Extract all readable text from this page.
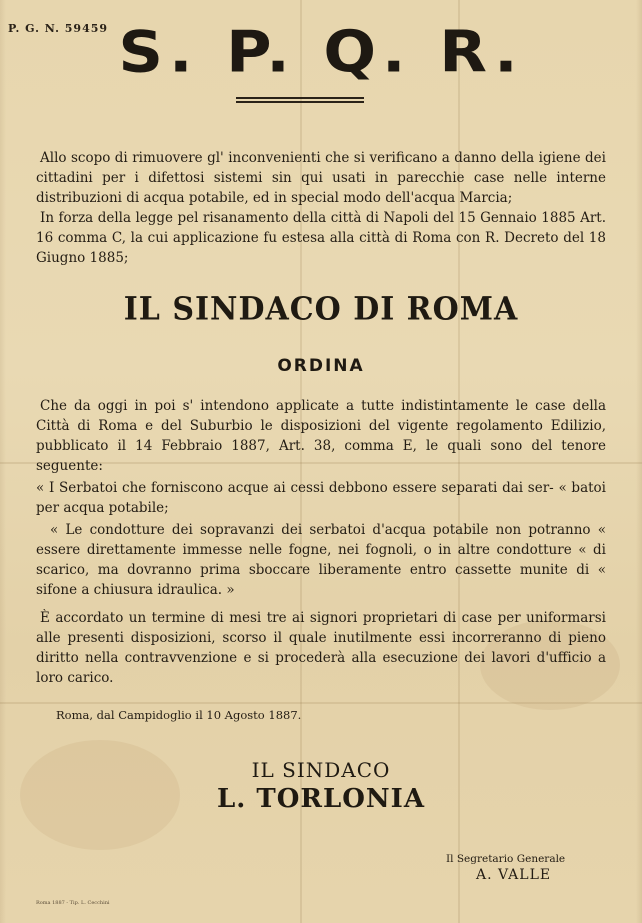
P. G. N. 59459 S. P. Q. R.
Allo scopo di rimuovere gl' inconvenienti che si verificano a danno della igiene dei cittadini per i difettosi sistemi sin qui usati in parecchie case nelle interne distribuzioni di acqua potabile, ed in special modo dell'acqua Marcia;
In forza della legge pel risanamento della città di Napoli del 15 Gennaio 1885 Art. 16 comma C, la cui applicazione fu estesa alla città di Roma con R. Decreto del 18 Giugno 1885;
IL SINDACO DI ROMA
ORDINA
Che da oggi in poi s' intendono applicate a tutte indistintamente le case della Città di Roma e del Suburbio le disposizioni del vigente regolamento Edilizio, pubblicato il 14 Febbraio 1887, Art. 38, comma E, le quali sono del tenore seguente:
« I Serbatoi che forniscono acque ai cessi debbono essere separati dai ser- « batoi per acqua potabile;
« Le condotture dei sopravanzi dei serbatoi d'acqua potabile non potranno « essere direttamente immesse nelle fogne, nei fognoli, o in altre condotture « di scarico, ma dovranno prima sboccare liberamente entro cassette munite di « sifone a chiusura idraulica. »
È accordato un termine di mesi tre ai signori proprietari di case per uniformarsi alle presenti disposizioni, scorso il quale inutilmente essi incorreranno di pieno diritto nella contravvenzione e si procederà alla esecuzione dei lavori d'ufficio a loro carico.
Roma, dal Campidoglio il 10 Agosto 1887.
IL SINDACO
L. TORLONIA
Il Segretario Generale
A. VALLE
Roma 1887 - Tip. L. Cecchini
